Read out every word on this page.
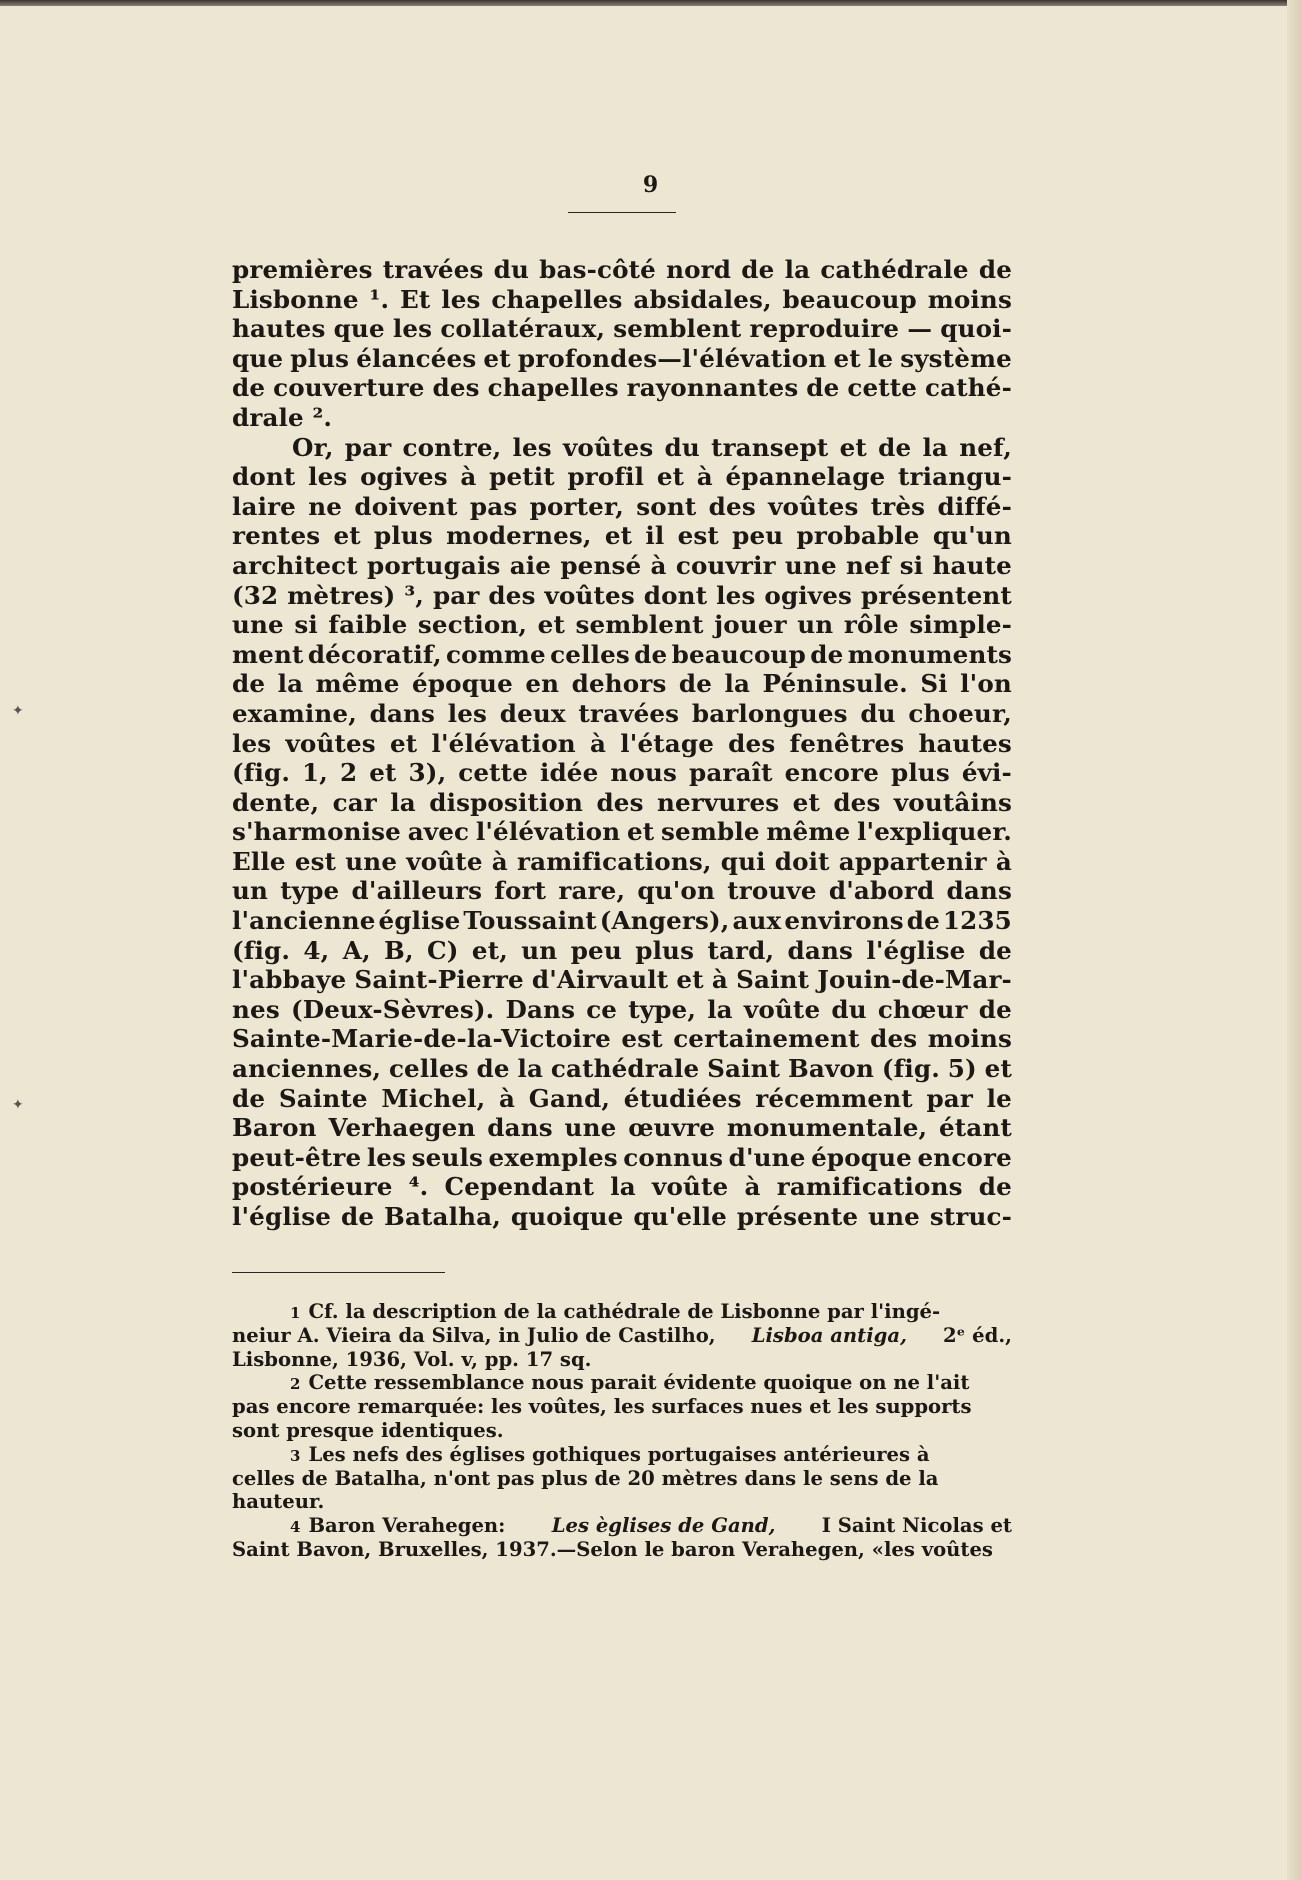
✦
✦
9
premières travées du bas-côté nord de la cathédrale de
Lisbonne ¹. Et les chapelles absidales, beaucoup moins
hautes que les collatéraux, semblent reproduire — quoi-
que plus élancées et profondes—l'élévation et le système
de couverture des chapelles rayonnantes de cette cathé-
drale ².
Or, par contre, les voûtes du transept et de la nef,
dont les ogives à petit profil et à épannelage triangu-
laire ne doivent pas porter, sont des voûtes très diffé-
rentes et plus modernes, et il est peu probable qu'un
architect portugais aie pensé à couvrir une nef si haute
(32 mètres) ³, par des voûtes dont les ogives présentent
une si faible section, et semblent jouer un rôle simple-
ment décoratif, comme celles de beaucoup de monuments
de la même époque en dehors de la Péninsule. Si l'on
examine, dans les deux travées barlongues du choeur,
les voûtes et l'élévation à l'étage des fenêtres hautes
(fig. 1, 2 et 3), cette idée nous paraît encore plus évi-
dente, car la disposition des nervures et des voutâins
s'harmonise avec l'élévation et semble même l'expliquer.
Elle est une voûte à ramifications, qui doit appartenir à
un type d'ailleurs fort rare, qu'on trouve d'abord dans
l'ancienne église Toussaint (Angers), aux environs de 1235
(fig. 4, A, B, C) et, un peu plus tard, dans l'église de
l'abbaye Saint-Pierre d'Airvault et à Saint Jouin-de-Mar-
nes (Deux-Sèvres). Dans ce type, la voûte du chœur de
Sainte-Marie-de-la-Victoire est certainement des moins
anciennes, celles de la cathédrale Saint Bavon (fig. 5) et
de Sainte Michel, à Gand, étudiées récemment par le
Baron Verhaegen dans une œuvre monumentale, étant
peut-être les seuls exemples connus d'une époque encore
postérieure ⁴. Cependant la voûte à ramifications de
l'église de Batalha, quoique qu'elle présente une struc-
1 Cf. la description de la cathédrale de Lisbonne par l'ingé-
neiur A. Vieira da Silva, in Julio de Castilho, Lisboa antiga, 2ᵉ éd.,
Lisbonne, 1936, Vol. v, pp. 17 sq.
2 Cette ressemblance nous parait évidente quoique on ne l'ait
pas encore remarquée: les voûtes, les surfaces nues et les supports
sont presque identiques.
3 Les nefs des églises gothiques portugaises antérieures à
celles de Batalha, n'ont pas plus de 20 mètres dans le sens de la
hauteur.
4 Baron Verahegen: Les èglises de Gand, I Saint Nicolas et
Saint Bavon, Bruxelles, 1937.—Selon le baron Verahegen, «les voûtes
